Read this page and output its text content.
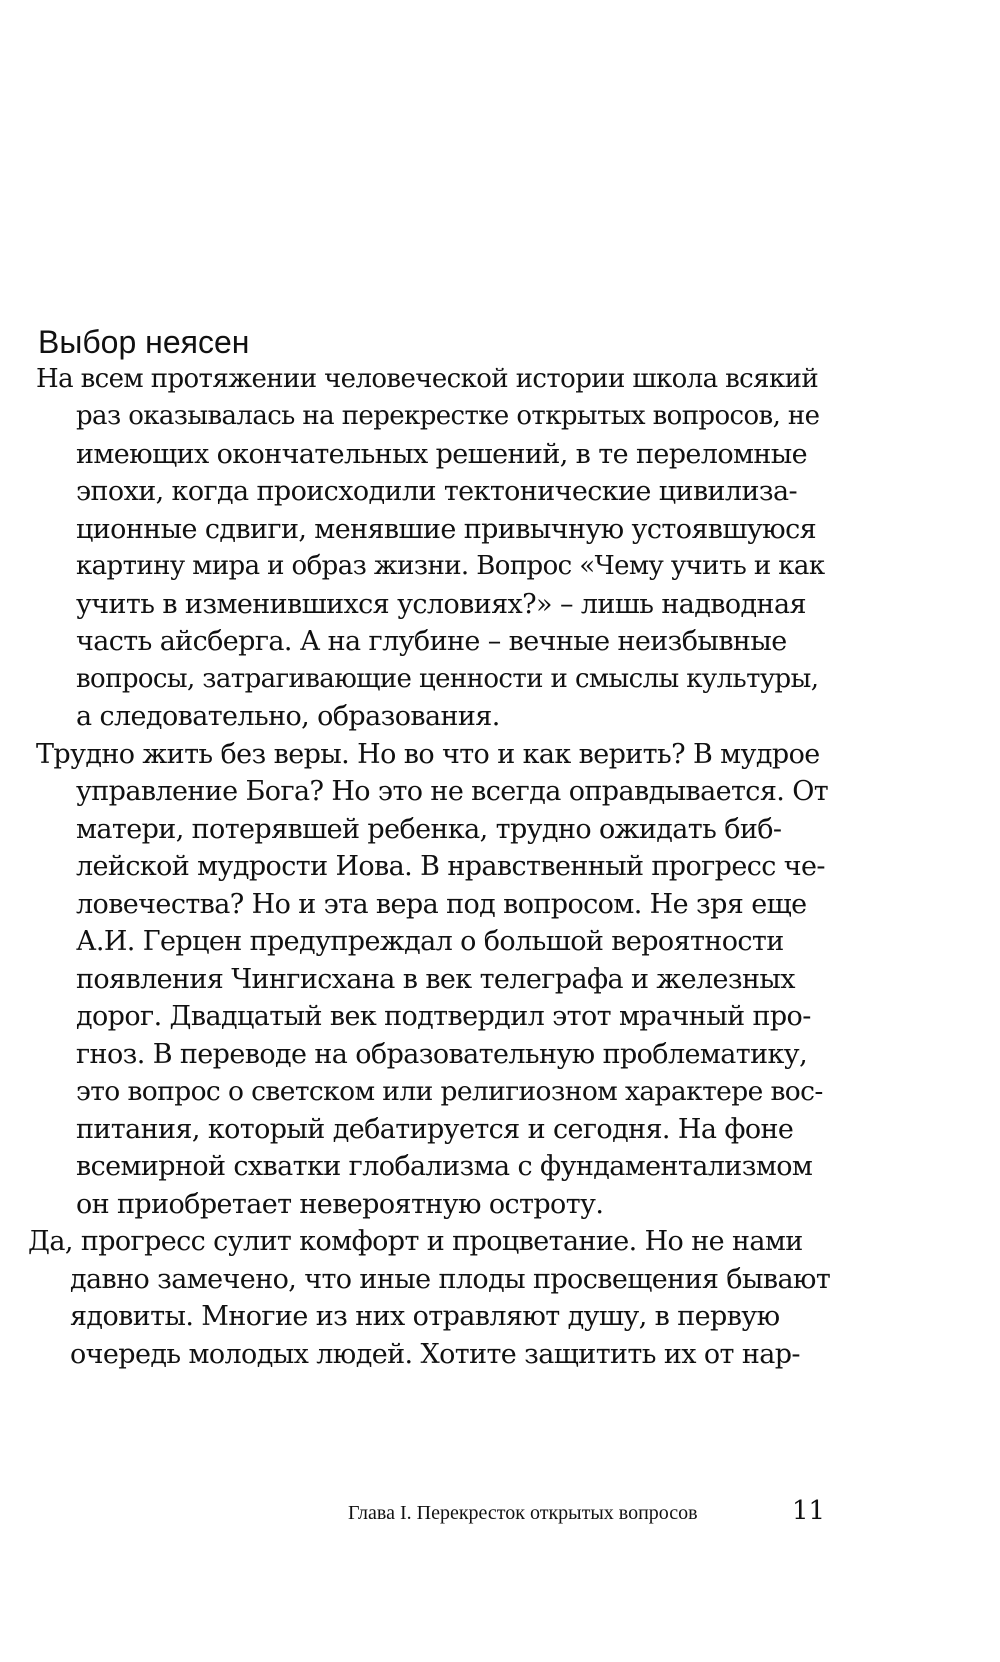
Выбор неясен
На всем протяжении человеческой истории школа всякий
раз оказывалась на перекрестке открытых вопросов, не
имеющих окончательных решений, в те переломные
эпохи, когда происходили тектонические цивилиза-
ционные сдвиги, менявшие привычную устоявшуюся
картину мира и образ жизни. Вопрос «Чему учить и как
учить в изменившихся условиях?» – лишь надводная
часть айсберга. А на глубине – вечные неизбывные
вопросы, затрагивающие ценности и смыслы культуры,
а следовательно, образования.
Трудно жить без веры. Но во что и как верить? В мудрое
управление Бога? Но это не всегда оправдывается. От
матери, потерявшей ребенка, трудно ожидать биб-
лейской мудрости Иова. В нравственный прогресс че-
ловечества? Но и эта вера под вопросом. Не зря еще
А.И. Герцен предупреждал о большой вероятности
появления Чингисхана в век телеграфа и железных
дорог. Двадцатый век подтвердил этот мрачный про-
гноз. В переводе на образовательную проблематику,
это вопрос о светском или религиозном характере вос-
питания, который дебатируется и сегодня. На фоне
всемирной схватки глобализма с фундаментализмом
он приобретает невероятную остроту.
Да, прогресс сулит комфорт и процветание. Но не нами
давно замечено, что иные плоды просвещения бывают
ядовиты. Многие из них отравляют душу, в первую
очередь молодых людей. Хотите защитить их от нар-
Глава I. Перекресток открытых вопросов	11
